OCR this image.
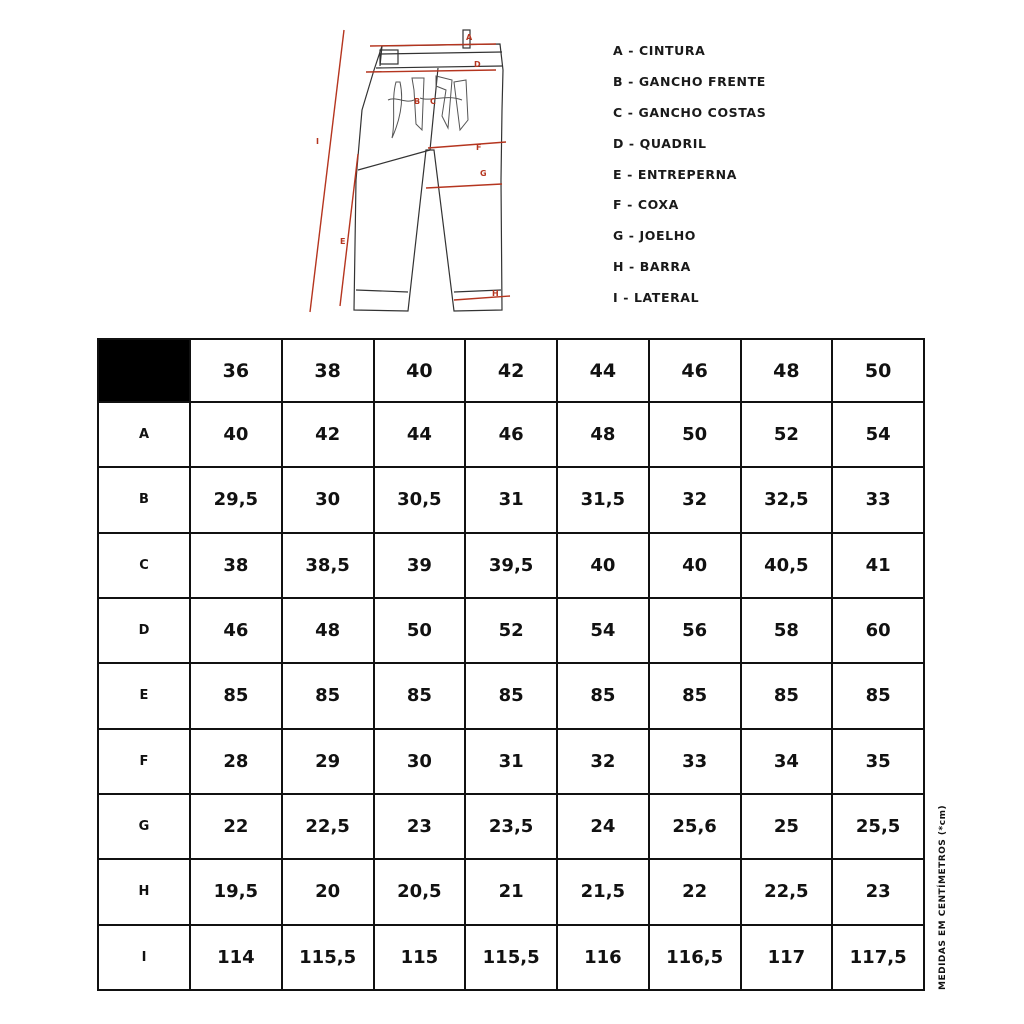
A
B C
D
E
F
G
H
I
A - CINTURA
B - GANCHO FRENTE
C - GANCHO COSTAS
D - QUADRIL
E - ENTREPERNA
F - COXA
G - JOELHO
H - BARRA
I - LATERAL
	36	38	40	42	44	46	48	50
A	40	42	44	46	48	50	52	54
B	29,5	30	30,5	31	31,5	32	32,5	33
C	38	38,5	39	39,5	40	40	40,5	41
D	46	48	50	52	54	56	58	60
E	85	85	85	85	85	85	85	85
F	28	29	30	31	32	33	34	35
G	22	22,5	23	23,5	24	25,6	25	25,5
H	19,5	20	20,5	21	21,5	22	22,5	23
I	114	115,5	115	115,5	116	116,5	117	117,5	MEDIDAS EM CENTÍMETROS (*cm)
